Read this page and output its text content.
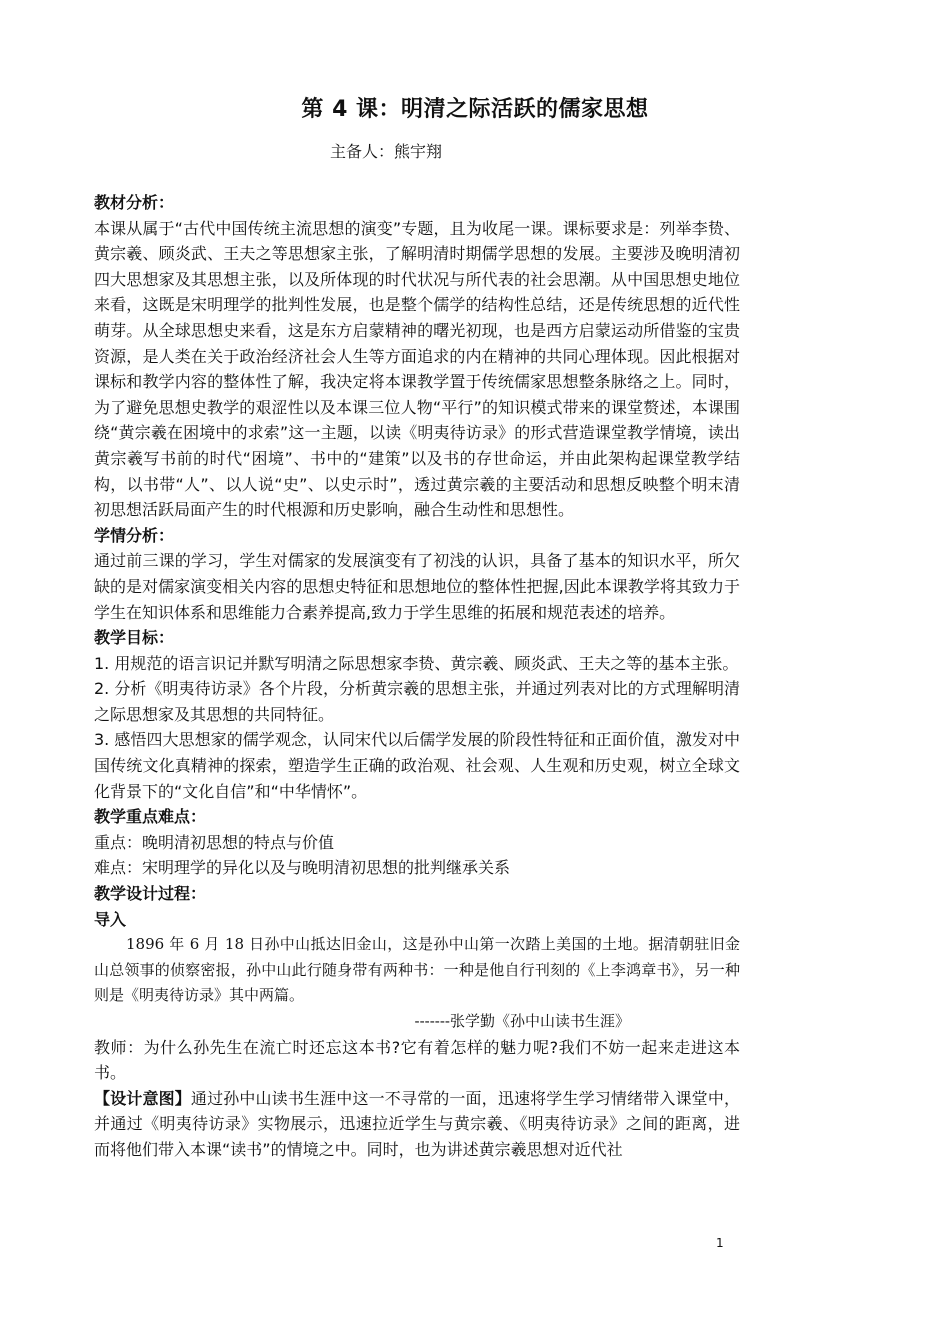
第 4 课：明清之际活跃的儒家思想
主备人：熊宇翔

教材分析：

本课从属于“古代中国传统主流思想的演变”专题，且为收尾一课。课标要求是：列举李贽、黄宗羲、顾炎武、王夫之等思想家主张，了解明清时期儒学思想的发展。主要涉及晚明清初四大思想家及其思想主张，以及所体现的时代状况与所代表的社会思潮。从中国思想史地位来看，这既是宋明理学的批判性发展，也是整个儒学的结构性总结，还是传统思想的近代性萌芽。从全球思想史来看，这是东方启蒙精神的曙光初现，也是西方启蒙运动所借鉴的宝贵资源，是人类在关于政治经济社会人生等方面追求的内在精神的共同心理体现。因此根据对课标和教学内容的整体性了解，我决定将本课教学置于传统儒家思想整条脉络之上。同时，为了避免思想史教学的艰涩性以及本课三位人物“平行”的知识模式带来的课堂赘述，本课围绕“黄宗羲在困境中的求索”这一主题，以读《明夷待访录》的形式营造课堂教学情境，读出黄宗羲写书前的时代“困境”、书中的“建策”以及书的存世命运，并由此架构起课堂教学结构，以书带“人”、以人说“史”、以史示时”，透过黄宗羲的主要活动和思想反映整个明末清初思想活跃局面产生的时代根源和历史影响，融合生动性和思想性。

学情分析：

通过前三课的学习，学生对儒家的发展演变有了初浅的认识，具备了基本的知识水平，所欠缺的是对儒家演变相关内容的思想史特征和思想地位的整体性把握,因此本课教学将其致力于学生在知识体系和思维能力合素养提高,致力于学生思维的拓展和规范表述的培养。

教学目标：

1. 用规范的语言识记并默写明清之际思想家李贽、黄宗羲、顾炎武、王夫之等的基本主张。

2. 分析《明夷待访录》各个片段，分析黄宗羲的思想主张，并通过列表对比的方式理解明清之际思想家及其思想的共同特征。

3. 感悟四大思想家的儒学观念，认同宋代以后儒学发展的阶段性特征和正面价值，激发对中国传统文化真精神的探索，塑造学生正确的政治观、社会观、人生观和历史观，树立全球文化背景下的“文化自信”和“中华情怀”。

教学重点难点：

重点：晚明清初思想的特点与价值

难点：宋明理学的异化以及与晚明清初思想的批判继承关系

教学设计过程：

导入

1896 年 6 月 18 日孙中山抵达旧金山，这是孙中山第一次踏上美国的土地。据清朝驻旧金山总领事的侦察密报，孙中山此行随身带有两种书：一种是他自行刊刻的《上李鸿章书》，另一种则是《明夷待访录》其中两篇。

-------张学勤《孙中山读书生涯》

教师：为什么孙先生在流亡时还忘这本书?它有着怎样的魅力呢?我们不妨一起来走进这本书。

【设计意图】通过孙中山读书生涯中这一不寻常的一面，迅速将学生学习情绪带入课堂中，并通过《明夷待访录》实物展示，迅速拉近学生与黄宗羲、《明夷待访录》之间的距离，进而将他们带入本课“读书”的情境之中。同时，也为讲述黄宗羲思想对近代社

1
